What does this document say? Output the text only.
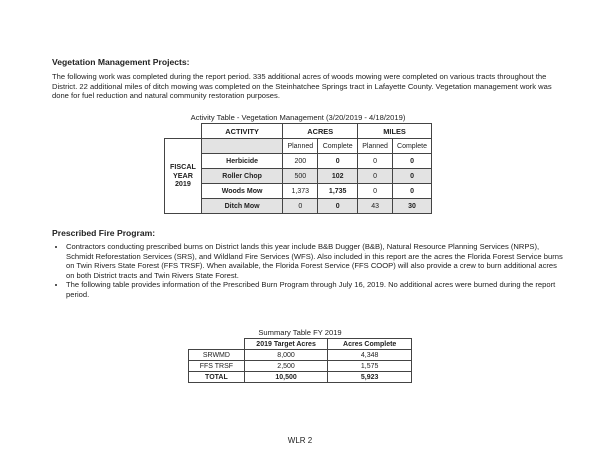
Vegetation Management Projects:
The following work was completed during the report period. 335 additional acres of woods mowing were completed on various tracts throughout the District. 22 additional miles of ditch mowing was completed on the Steinhatchee Springs tract in Lafayette County. Vegetation management work was done for fuel reduction and natural community restoration purposes.
Activity Table - Vegetation Management (3/20/2019 - 4/18/2019)
	ACTIVITY	ACRES		MILES	
FISCAL
YEAR
2019		Planned	Complete	Planned	Complete
	Herbicide	200	0	0	0
	Roller Chop	500	102	0	0
	Woods Mow	1,373	1,735	0	0
	Ditch Mow	0	0	43	30
Prescribed Fire Program:
• Contractors conducting prescribed burns on District lands this year include B&B Dugger (B&B), Natural Resource Planning Services (NRPS), Schmidt Reforestation Services (SRS), and Wildland Fire Services (WFS). Also included in this report are the acres the Florida Forest Service burns on Twin Rivers State Forest (FFS TRSF). When available, the Florida Forest Service (FFS COOP) will also provide a crew to burn additional acres on both District tracts and Twin Rivers State Forest.
• The following table provides information of the Prescribed Burn Program through July 16, 2019. No additional acres were burned during the report period.
Summary Table FY 2019
	2019 Target Acres	Acres Complete
SRWMD	8,000	4,348
FFS TRSF	2,500	1,575
TOTAL	10,500	5,923
WLR 2
